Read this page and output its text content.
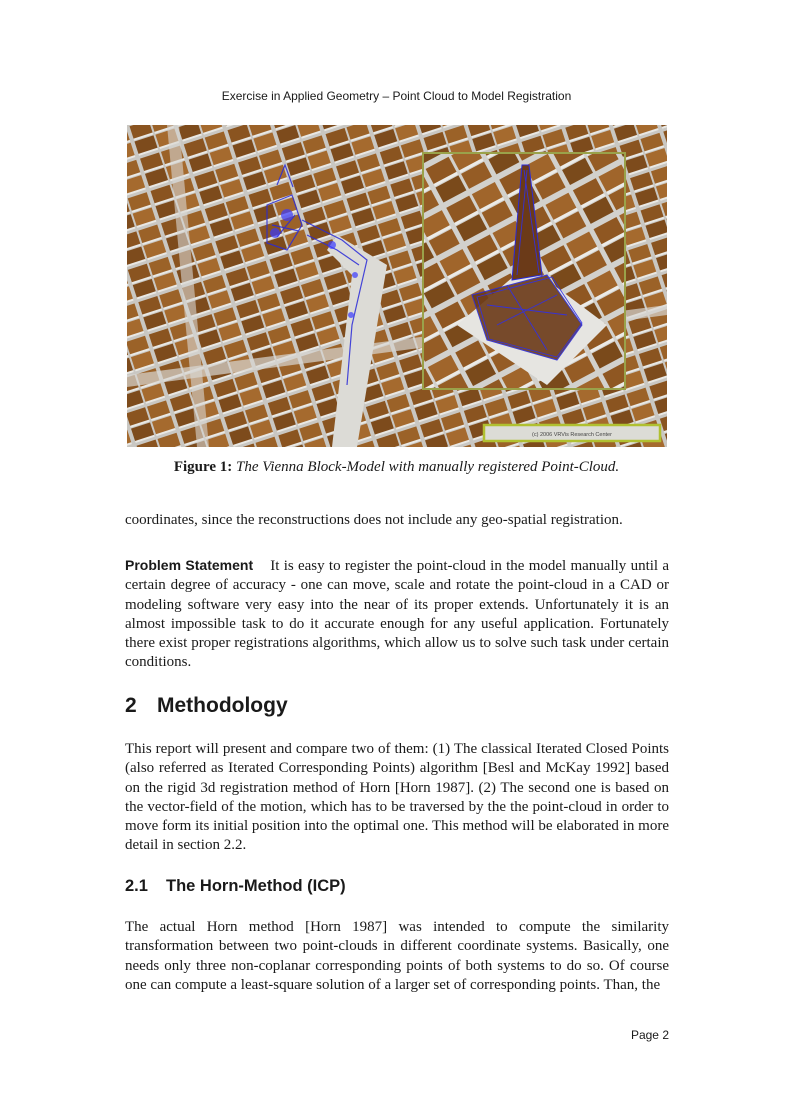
Exercise in Applied Geometry – Point Cloud to Model Registration
(c) 2006 VRVis Research Center
Figure 1: The Vienna Block-Model with manually registered Point-Cloud.

coordinates, since the reconstructions does not include any geo-spatial registration.

Problem Statement It is easy to register the point-cloud in the model manually until a certain degree of accuracy - one can move, scale and rotate the point-cloud in a CAD or modeling software very easy into the near of its proper extends. Unfortunately it is an almost impossible task to do it accurate enough for any useful application. Fortunately there exist proper registrations algorithms, which allow us to solve such task under certain conditions.

2 Methodology

This report will present and compare two of them: (1) The classical Iterated Closed Points (also referred as Iterated Corresponding Points) algorithm [Besl and McKay 1992] based on the rigid 3d registration method of Horn [Horn 1987]. (2) The second one is based on the vector-field of the motion, which has to be traversed by the the point-cloud in order to move form its initial position into the optimal one. This method will be elaborated in more detail in section 2.2.

2.1 The Horn-Method (ICP)

The actual Horn method [Horn 1987] was intended to compute the similarity transformation between two point-clouds in different coordinate systems. Basically, one needs only three non-coplanar corresponding points of both systems to do so. Of course one can compute a least-square solution of a larger set of corresponding points. Than, the

Page 2
